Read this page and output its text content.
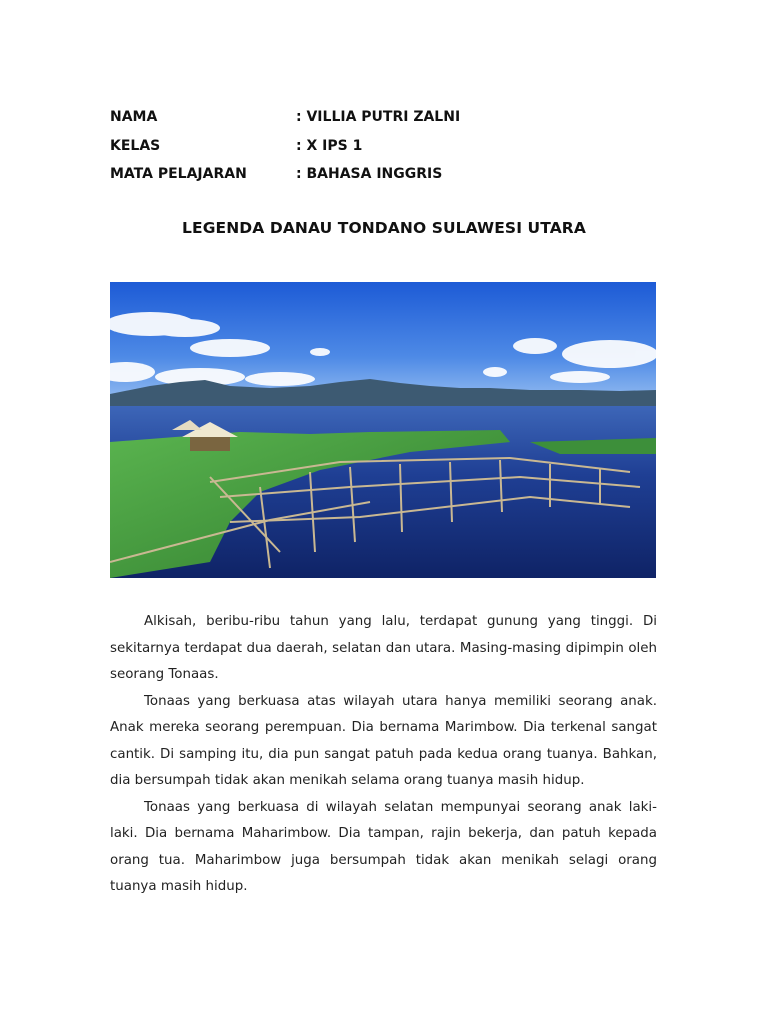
NAMA	: VILLIA PUTRI ZALNI
KELAS	: X IPS 1
MATA PELAJARAN	: BAHASA INGGRIS
LEGENDA DANAU TONDANO SULAWESI UTARA

Alkisah, beribu-ribu tahun yang lalu, terdapat gunung yang tinggi. Di sekitarnya terdapat dua daerah, selatan dan utara. Masing-masing dipimpin oleh seorang Tonaas.

Tonaas yang berkuasa atas wilayah utara hanya memiliki seorang anak. Anak mereka seorang perempuan. Dia bernama Marimbow. Dia terkenal sangat cantik. Di samping itu, dia pun sangat patuh pada kedua orang tuanya. Bahkan, dia bersumpah tidak akan menikah selama orang tuanya masih hidup.

Tonaas yang berkuasa di wilayah selatan mempunyai seorang anak laki-laki. Dia bernama Maharimbow. Dia tampan, rajin bekerja, dan patuh kepada orang tua. Maharimbow juga bersumpah tidak akan menikah selagi orang tuanya masih hidup.
